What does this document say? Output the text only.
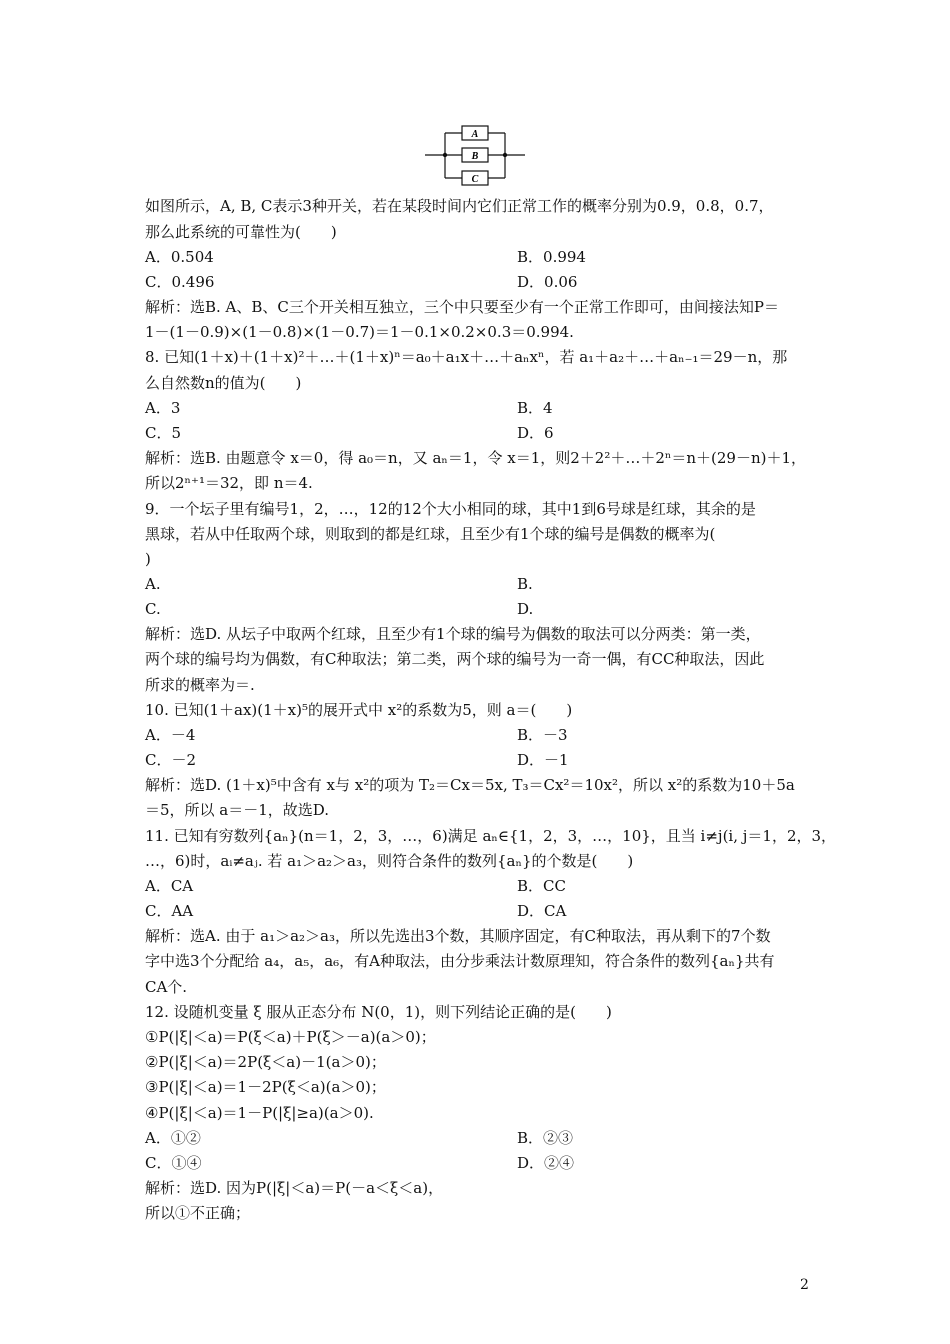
A
B
C
如图所示，A, B, C表示3种开关，若在某段时间内它们正常工作的概率分别为0.9，0.8，0.7，
那么此系统的可靠性为(　　)
A．0.504
C．0.496
解析：选B. A、B、C三个开关相互独立，三个中只要至少有一个正常工作即可，由间接法知P＝
1－(1－0.9)×(1－0.8)×(1－0.7)＝1－0.1×0.2×0.3＝0.994.
8. 已知(1＋x)＋(1＋x)²＋…＋(1＋x)ⁿ＝a₀＋a₁x＋…＋aₙxⁿ，若 a₁＋a₂＋…＋aₙ₋₁＝29－n，那
么自然数n的值为(　　)
A．3
C．5
解析：选B. 由题意令 x＝0，得 a₀＝n，又 aₙ＝1，令 x＝1，则2＋2²＋…＋2ⁿ＝n＋(29－n)＋1，
所以2ⁿ⁺¹＝32，即 n＝4.
9．一个坛子里有编号1，2，…，12的12个大小相同的球，其中1到6号球是红球，其余的是
黑球，若从中任取两个球，则取到的都是红球，且至少有1个球的编号是偶数的概率为(
)
A.
C.
解析：选D. 从坛子中取两个红球，且至少有1个球的编号为偶数的取法可以分两类：第一类，
两个球的编号均为偶数，有C种取法；第二类，两个球的编号为一奇一偶，有CC种取法，因此
所求的概率为＝.
10. 已知(1＋ax)(1＋x)⁵的展开式中 x²的系数为5，则 a＝(　　)
A．－4
C．－2
解析：选D. (1＋x)⁵中含有 x与 x²的项为 T₂＝Cx＝5x, T₃＝Cx²＝10x²，所以 x²的系数为10＋5a
＝5，所以 a＝－1，故选D.
11. 已知有穷数列{aₙ}(n＝1，2，3，…，6)满足 aₙ∈{1，2，3，…，10}，且当 i≠j(i, j＝1，2，3，
…，6)时，aᵢ≠aⱼ. 若 a₁＞a₂＞a₃，则符合条件的数列{aₙ}的个数是(　　)
A．CA
C．AA
解析：选A. 由于 a₁＞a₂＞a₃，所以先选出3个数，其顺序固定，有C种取法，再从剩下的7个数
字中选3个分配给 a₄，a₅，a₆，有A种取法，由分步乘法计数原理知，符合条件的数列{aₙ}共有
CA个.
12. 设随机变量 ξ 服从正态分布 N(0，1)，则下列结论正确的是(　　)
①P(|ξ|＜a)＝P(ξ＜a)＋P(ξ＞－a)(a＞0)；
②P(|ξ|＜a)＝2P(ξ＜a)－1(a＞0)；
③P(|ξ|＜a)＝1－2P(ξ＜a)(a＞0)；
④P(|ξ|＜a)＝1－P(|ξ|≥a)(a＞0).
A．①②
C．①④
解析：选D. 因为P(|ξ|＜a)＝P(－a＜ξ＜a)，
所以①不正确；
B．0.994
D．0.06
B．4
D．6
B.
D.
B．－3
D．－1
B．CC
D．CA
B．②③
D．②④
2
